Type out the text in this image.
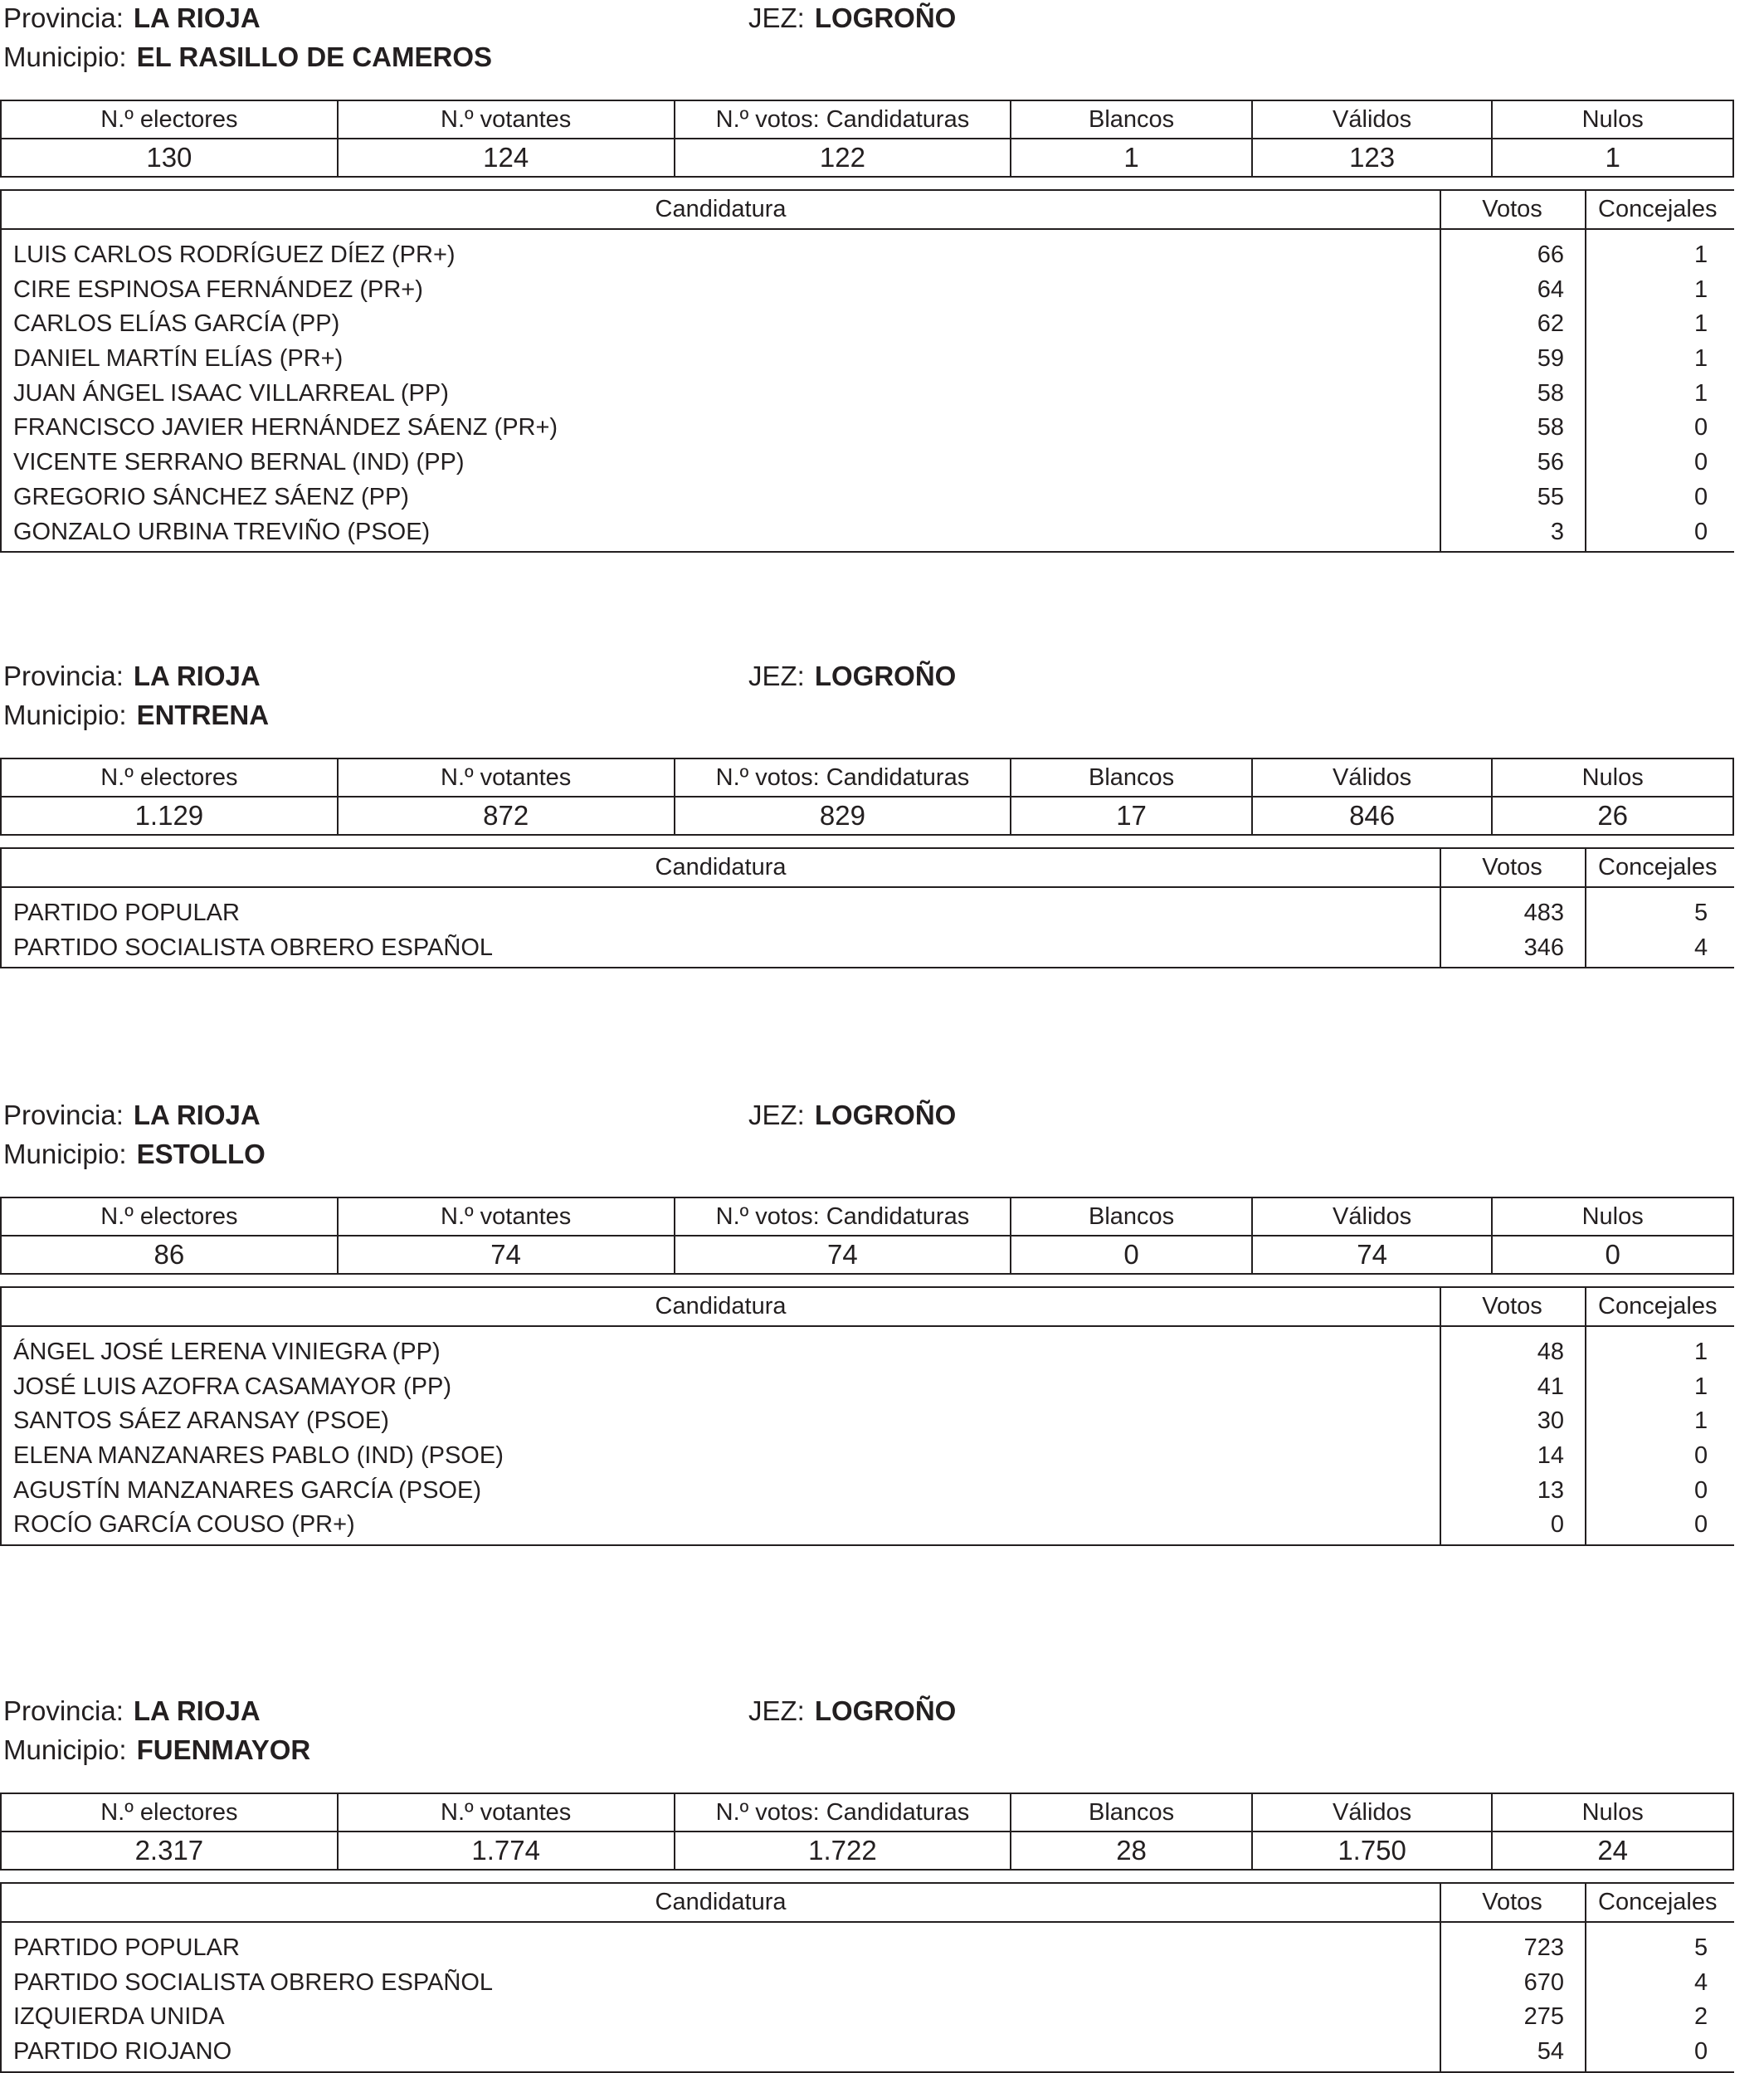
Provincia: LA RIOJA	JEZ: LOGROÑO
Municipio: EL RASILLO DE CAMEROS
N.º electores	N.º votantes	N.º votos: Candidaturas	Blancos	Válidos	Nulos
130	124	122	1	123	1
Candidatura	Votos	Concejales
LUIS CARLOS RODRÍGUEZ DÍEZ (PR+)	66	1
CIRE ESPINOSA FERNÁNDEZ (PR+)	64	1
CARLOS ELÍAS GARCÍA (PP)	62	1
DANIEL MARTÍN ELÍAS (PR+)	59	1
JUAN ÁNGEL ISAAC VILLARREAL (PP)	58	1
FRANCISCO JAVIER HERNÁNDEZ SÁENZ (PR+)	58	0
VICENTE SERRANO BERNAL (IND) (PP)	56	0
GREGORIO SÁNCHEZ SÁENZ (PP)	55	0
GONZALO URBINA TREVIÑO (PSOE)	3	0
Provincia: LA RIOJA	JEZ: LOGROÑO
Municipio: ENTRENA
N.º electores	N.º votantes	N.º votos: Candidaturas	Blancos	Válidos	Nulos
1.129	872	829	17	846	26
Candidatura	Votos	Concejales
PARTIDO POPULAR	483	5
PARTIDO SOCIALISTA OBRERO ESPAÑOL	346	4
Provincia: LA RIOJA	JEZ: LOGROÑO
Municipio: ESTOLLO
N.º electores	N.º votantes	N.º votos: Candidaturas	Blancos	Válidos	Nulos
86	74	74	0	74	0
Candidatura	Votos	Concejales
ÁNGEL JOSÉ LERENA VINIEGRA (PP)	48	1
JOSÉ LUIS AZOFRA CASAMAYOR (PP)	41	1
SANTOS SÁEZ ARANSAY (PSOE)	30	1
ELENA MANZANARES PABLO (IND) (PSOE)	14	0
AGUSTÍN MANZANARES GARCÍA (PSOE)	13	0
ROCÍO GARCÍA COUSO (PR+)	0	0
Provincia: LA RIOJA	JEZ: LOGROÑO
Municipio: FUENMAYOR
N.º electores	N.º votantes	N.º votos: Candidaturas	Blancos	Válidos	Nulos
2.317	1.774	1.722	28	1.750	24
Candidatura	Votos	Concejales
PARTIDO POPULAR	723	5
PARTIDO SOCIALISTA OBRERO ESPAÑOL	670	4
IZQUIERDA UNIDA	275	2
PARTIDO RIOJANO	54	0
